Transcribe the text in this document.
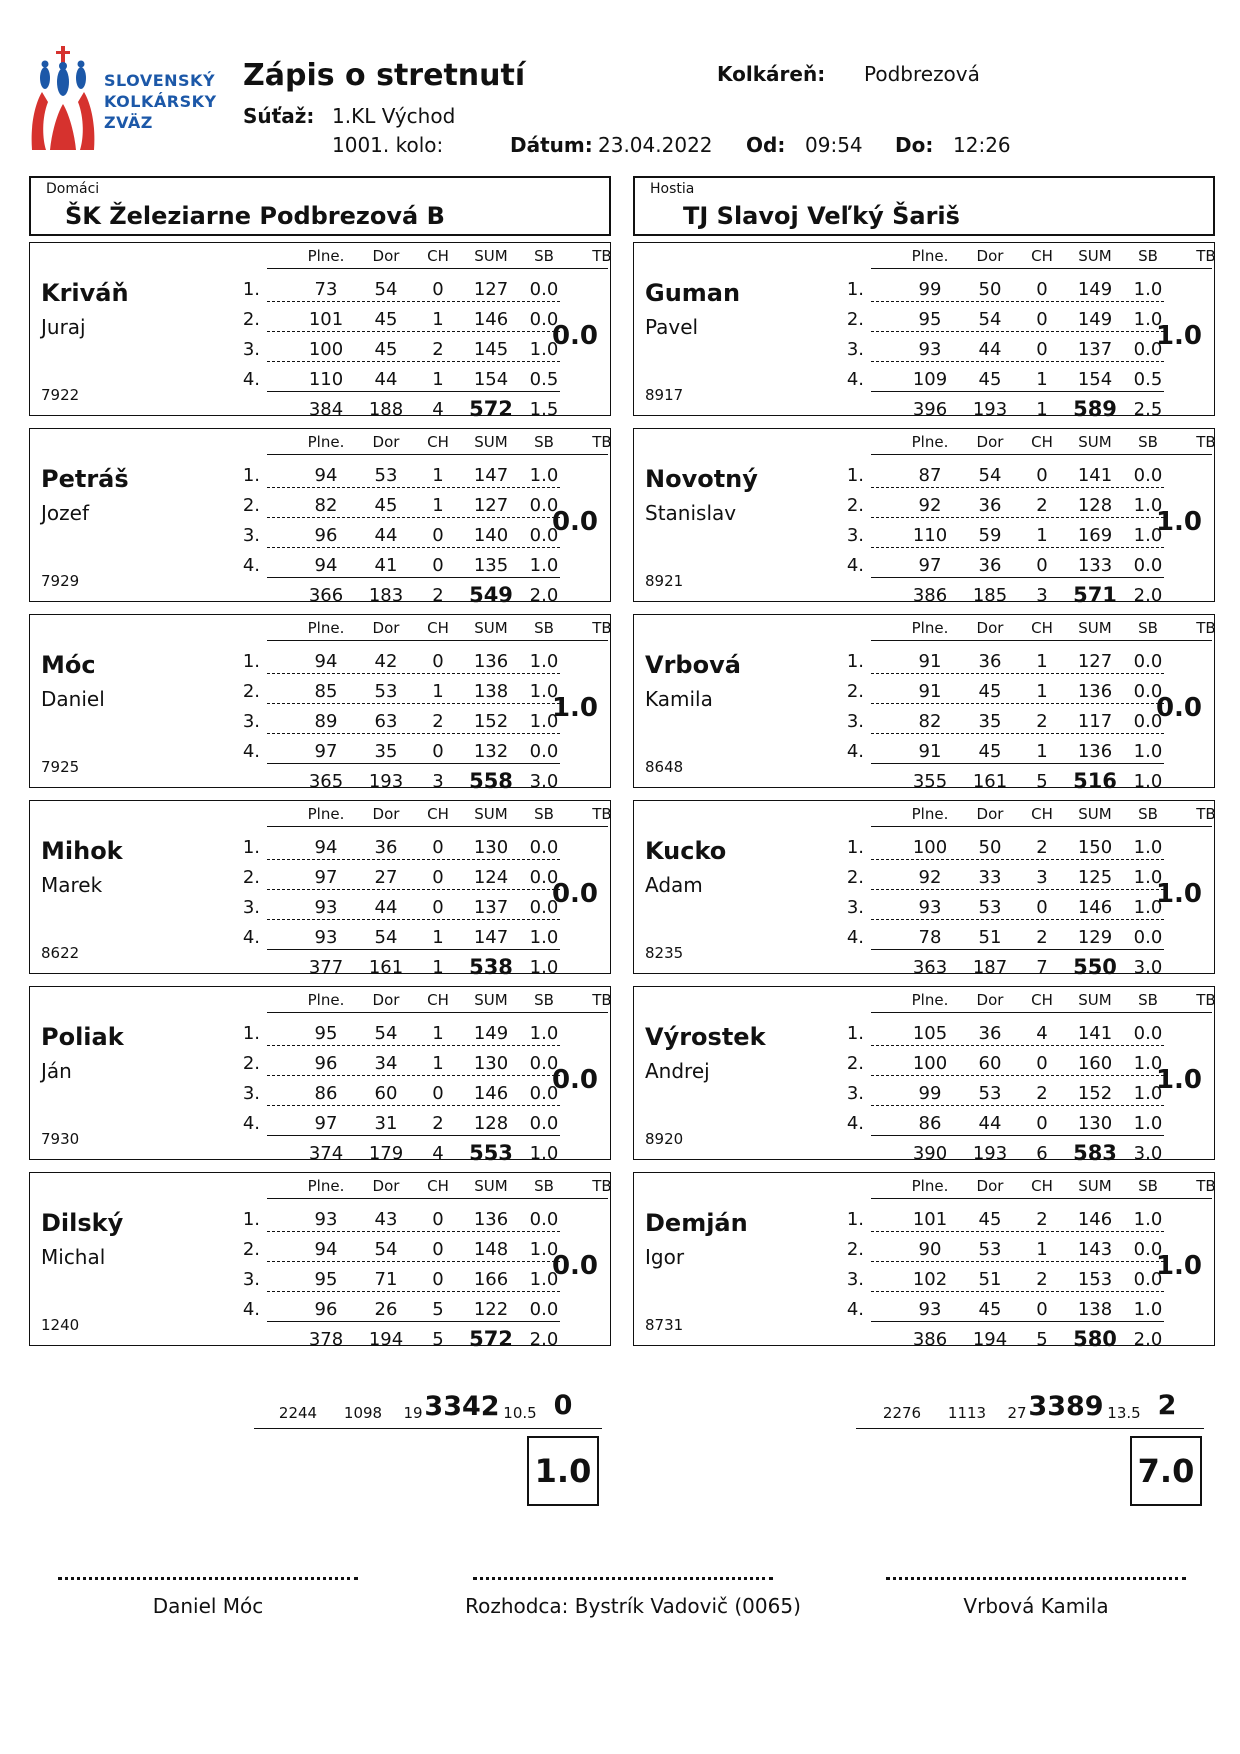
SLOVENSKÝ
KOLKÁRSKY
ZVÄZ
Zápis o stretnutí
Súťaž: 1.KL Východ
1001. kolo:	Dátum: 23.04.2022
Kolkáreň: Podbrezová
Od: 09:54 Do: 12:26
Domáci
ŠK Železiarne Podbrezová B
Hostia
TJ Slavoj Veľký Šariš
Kriváň
Juraj
7922
Plne.	Dor	CH	SUM	SB	TB
1.	73	54	0	127	0.0
2.	101	45	1	146	0.0
3.	100	45	2	145	1.0
4.	110	44	1	154	0.5
384	188	4	572 1.5
0.0
Petráš
Jozef
7929
Plne.	Dor	CH	SUM	SB	TB
1.	94	53	1	147	1.0
2.	82	45	1	127	0.0
3.	96	44	0	140	0.0
4.	94	41	0	135	1.0
366	183	2	549 2.0
0.0
Móc
Daniel
7925
Plne.	Dor	CH	SUM	SB	TB
1.	94	42	0	136	1.0
2.	85	53	1	138	1.0
3.	89	63	2	152	1.0
4.	97	35	0	132	0.0
365	193	3	558 3.0
1.0
Mihok
Marek
8622
Plne.	Dor	CH	SUM	SB	TB
1.	94	36	0	130	0.0
2.	97	27	0	124	0.0
3.	93	44	0	137	0.0
4.	93	54	1	147	1.0
377	161	1	538 1.0
0.0
Poliak
Ján
7930
Plne.	Dor	CH	SUM	SB	TB
1.	95	54	1	149	1.0
2.	96	34	1	130	0.0
3.	86	60	0	146	0.0
4.	97	31	2	128	0.0
374	179	4	553 1.0
0.0
Dilský
Michal
1240
Plne.	Dor	CH	SUM	SB	TB
1.	93	43	0	136	0.0
2.	94	54	0	148	1.0
3.	95	71	0	166	1.0
4.	96	26	5	122	0.0
378	194	5	572 2.0
0.0
Guman
Pavel
8917
Plne.	Dor	CH	SUM	SB	TB
1.	99	50	0	149	1.0
2.	95	54	0	149	1.0
3.	93	44	0	137	0.0
4.	109	45	1	154	0.5
396	193	1	589 2.5
1.0
Novotný
Stanislav
8921
Plne.	Dor	CH	SUM	SB	TB
1.	87	54	0	141	0.0
2.	92	36	2	128	1.0
3.	110	59	1	169	1.0
4.	97	36	0	133	0.0
386	185	3	571 2.0
1.0
Vrbová
Kamila
8648
Plne.	Dor	CH	SUM	SB	TB
1.	91	36	1	127	0.0
2.	91	45	1	136	0.0
3.	82	35	2	117	0.0
4.	91	45	1	136	1.0
355	161	5	516 1.0
0.0
Kucko
Adam
8235
Plne.	Dor	CH	SUM	SB	TB
1.	100	50	2	150	1.0
2.	92	33	3	125	1.0
3.	93	53	0	146	1.0
4.	78	51	2	129	0.0
363	187	7	550 3.0
1.0
Výrostek
Andrej
8920
Plne.	Dor	CH	SUM	SB	TB
1.	105	36	4	141	0.0
2.	100	60	0	160	1.0
3.	99	53	2	152	1.0
4.	86	44	0	130	1.0
390	193	6	583 3.0
1.0
Demján
Igor
8731
Plne.	Dor	CH	SUM	SB	TB
1.	101	45	2	146	1.0
2.	90	53	1	143	0.0
3.	102	51	2	153	0.0
4.	93	45	0	138	1.0
386	194	5	580 2.0
1.0
2244	1098	19 3342 10.5 0
1.0
2276	1113	27 3389 13.5 2
7.0
Daniel Móc	Rozhodca: Bystrík Vadovič (0065)	Vrbová Kamila
